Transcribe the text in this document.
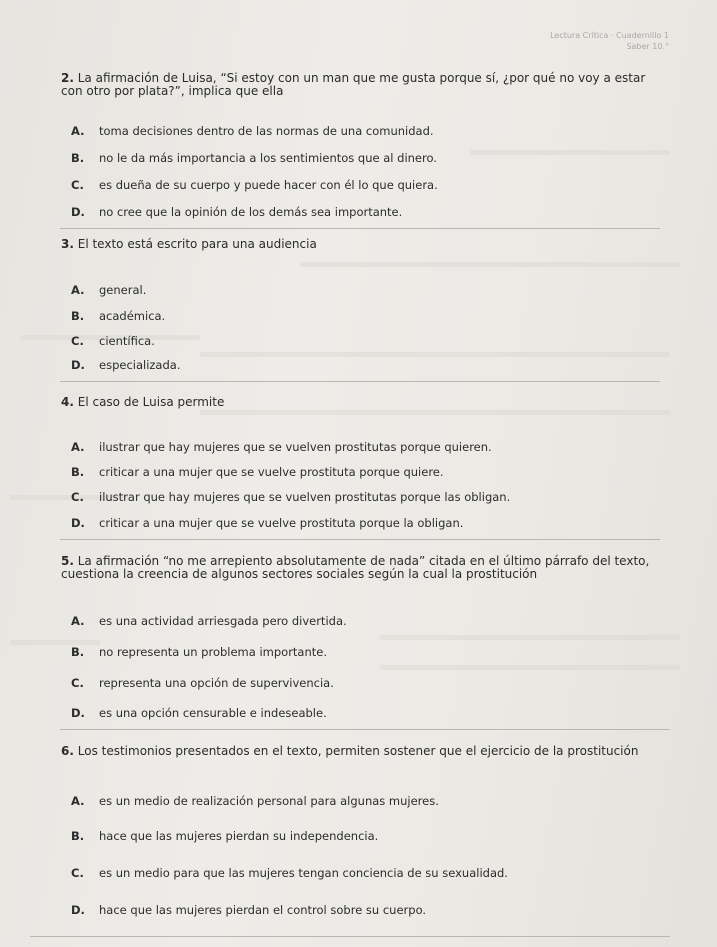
Lectura Crítica · Cuadernillo 1
Saber 10.°
2. La afirmación de Luisa, “Si estoy con un man que me gusta porque sí, ¿por qué no voy a estar con otro por plata?”, implica que ella
A. toma decisiones dentro de las normas de una comunidad.
B. no le da más importancia a los sentimientos que al dinero.
C. es dueña de su cuerpo y puede hacer con él lo que quiera.
D. no cree que la opinión de los demás sea importante.
3. El texto está escrito para una audiencia
A. general.
B. académica.
C. científica.
D. especializada.
4. El caso de Luisa permite
A. ilustrar que hay mujeres que se vuelven prostitutas porque quieren.
B. criticar a una mujer que se vuelve prostituta porque quiere.
C. ilustrar que hay mujeres que se vuelven prostitutas porque las obligan.
D. criticar a una mujer que se vuelve prostituta porque la obligan.
5. La afirmación “no me arrepiento absolutamente de nada” citada en el último párrafo del texto, cuestiona la creencia de algunos sectores sociales según la cual la prostitución
A. es una actividad arriesgada pero divertida.
B. no representa un problema importante.
C. representa una opción de supervivencia.
D. es una opción censurable e indeseable.
6. Los testimonios presentados en el texto, permiten sostener que el ejercicio de la prostitución
A. es un medio de realización personal para algunas mujeres.
B. hace que las mujeres pierdan su independencia.
C. es un medio para que las mujeres tengan conciencia de su sexualidad.
D. hace que las mujeres pierdan el control sobre su cuerpo.
